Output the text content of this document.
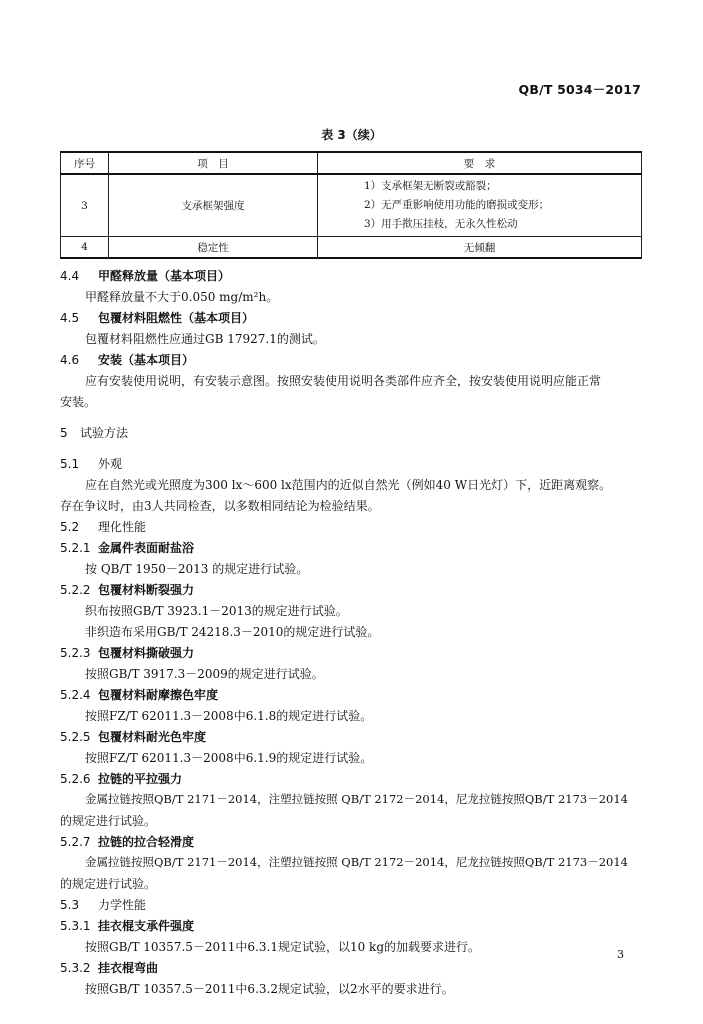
QB/T 5034－2017
表 3（续）
序号	项　目	要　求
3	支承框架强度	1）支承框架无断裂或豁裂；
2）无严重影响使用功能的磨损或变形；
3）用手揿压挂枝，无永久性松动

4	稳定性	无倾翻
4.4 甲醛释放量（基本项目）
甲醛释放量不大于0.050 mg/m²h。
4.5 包覆材料阻燃性（基本项目）
包覆材料阻燃性应通过GB 17927.1的测试。
4.6 安装（基本项目）
应有安装使用说明，有安装示意图。按照安装使用说明各类部件应齐全，按安装使用说明应能正常
安装。
5 试验方法
5.1 外观
应在自然光或光照度为300 lx～600 lx范围内的近似自然光（例如40 W日光灯）下，近距离观察。
存在争议时，由3人共同检查，以多数相同结论为检验结果。
5.2 理化性能
5.2.1 金属件表面耐盐浴
按 QB/T 1950－2013 的规定进行试验。
5.2.2 包覆材料断裂强力
织布按照GB/T 3923.1－2013的规定进行试验。
非织造布采用GB/T 24218.3－2010的规定进行试验。
5.2.3 包覆材料撕破强力
按照GB/T 3917.3－2009的规定进行试验。
5.2.4 包覆材料耐摩擦色牢度
按照FZ/T 62011.3－2008中6.1.8的规定进行试验。
5.2.5 包覆材料耐光色牢度
按照FZ/T 62011.3－2008中6.1.9的规定进行试验。
5.2.6 拉链的平拉强力
金属拉链按照QB/T 2171－2014，注塑拉链按照 QB/T 2172－2014，尼龙拉链按照QB/T 2173－2014
的规定进行试验。
5.2.7 拉链的拉合轻滑度
金属拉链按照QB/T 2171－2014，注塑拉链按照 QB/T 2172－2014，尼龙拉链按照QB/T 2173－2014
的规定进行试验。
5.3 力学性能
5.3.1 挂衣棍支承件强度
按照GB/T 10357.5－2011中6.3.1规定试验，以10 kg的加载要求进行。
5.3.2 挂衣棍弯曲
按照GB/T 10357.5－2011中6.3.2规定试验，以2水平的要求进行。
3
